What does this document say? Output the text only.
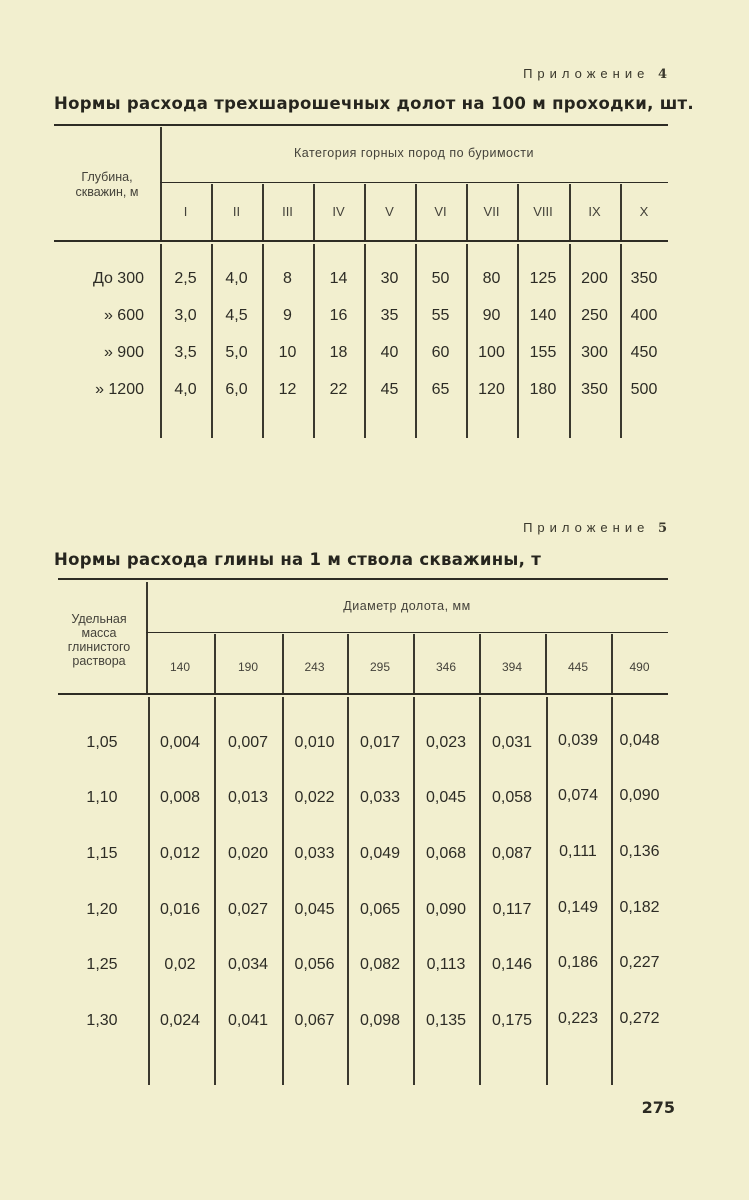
Приложение 4
Нормы расхода трехшарошечных долот на 100 м проходки, шт.
Глубина,
скважин, м
Категория горных пород по буримости
I	II	III	IV	V	VI	VII	VIII	IX	X
До 300	2,5	4,0	8	14	30	50	80	125	200	350
» 600	3,0	4,5	9	16	35	55	90	140	250	400
» 900	3,5	5,0	10	18	40	60	100	155	300	450
» 1200	4,0	6,0	12	22	45	65	120	180	350	500
Приложение 5
Нормы расхода глины на 1 м ствола скважины, т
Удельная
масса
глинистого
раствора
Диаметр долота, мм
140	190	243	295	346	394	445	490
1,05	0,004	0,007	0,010	0,017	0,023	0,031	0,039	0,048
1,10	0,008	0,013	0,022	0,033	0,045	0,058	0,074	0,090
1,15	0,012	0,020	0,033	0,049	0,068	0,087	0,111	0,136
1,20	0,016	0,027	0,045	0,065	0,090	0,117	0,149	0,182
1,25	0,02	0,034	0,056	0,082	0,113	0,146	0,186	0,227
1,30	0,024	0,041	0,067	0,098	0,135	0,175	0,223	0,272
275
